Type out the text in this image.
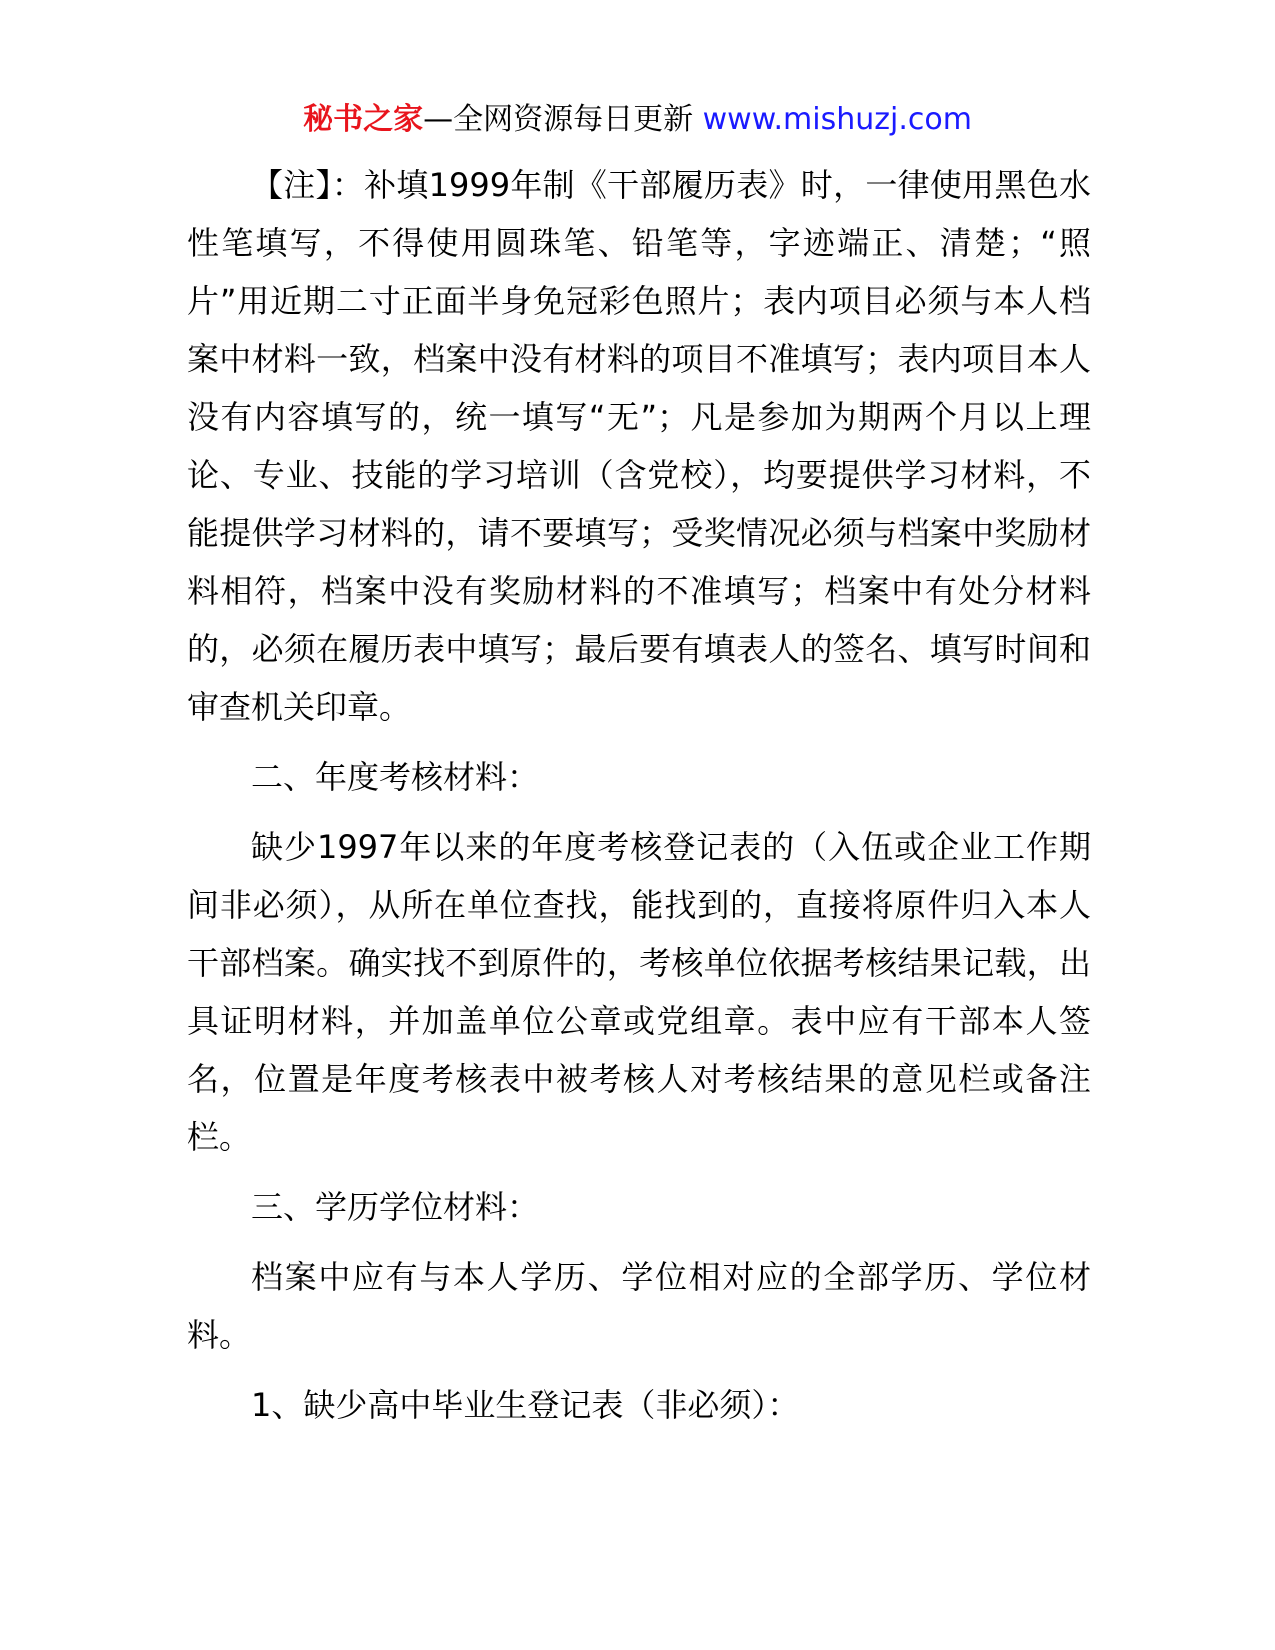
秘书之家—全网资源每日更新 www.mishuzj.com

【注】：补填1999年制《干部履历表》时，一律使用黑色水性笔填写，不得使用圆珠笔、铅笔等，字迹端正、清楚；“照片”用近期二寸正面半身免冠彩色照片；表内项目必须与本人档案中材料一致，档案中没有材料的项目不准填写；表内项目本人没有内容填写的，统一填写“无”；凡是参加为期两个月以上理论、专业、技能的学习培训（含党校），均要提供学习材料，不能提供学习材料的，请不要填写；受奖情况必须与档案中奖励材料相符，档案中没有奖励材料的不准填写；档案中有处分材料的，必须在履历表中填写；最后要有填表人的签名、填写时间和审查机关印章。

二、年度考核材料：

缺少1997年以来的年度考核登记表的（入伍或企业工作期间非必须），从所在单位查找，能找到的，直接将原件归入本人干部档案。确实找不到原件的，考核单位依据考核结果记载，出具证明材料，并加盖单位公章或党组章。表中应有干部本人签名，位置是年度考核表中被考核人对考核结果的意见栏或备注栏。

三、学历学位材料：

档案中应有与本人学历、学位相对应的全部学历、学位材料。

1、缺少高中毕业生登记表（非必须）：
